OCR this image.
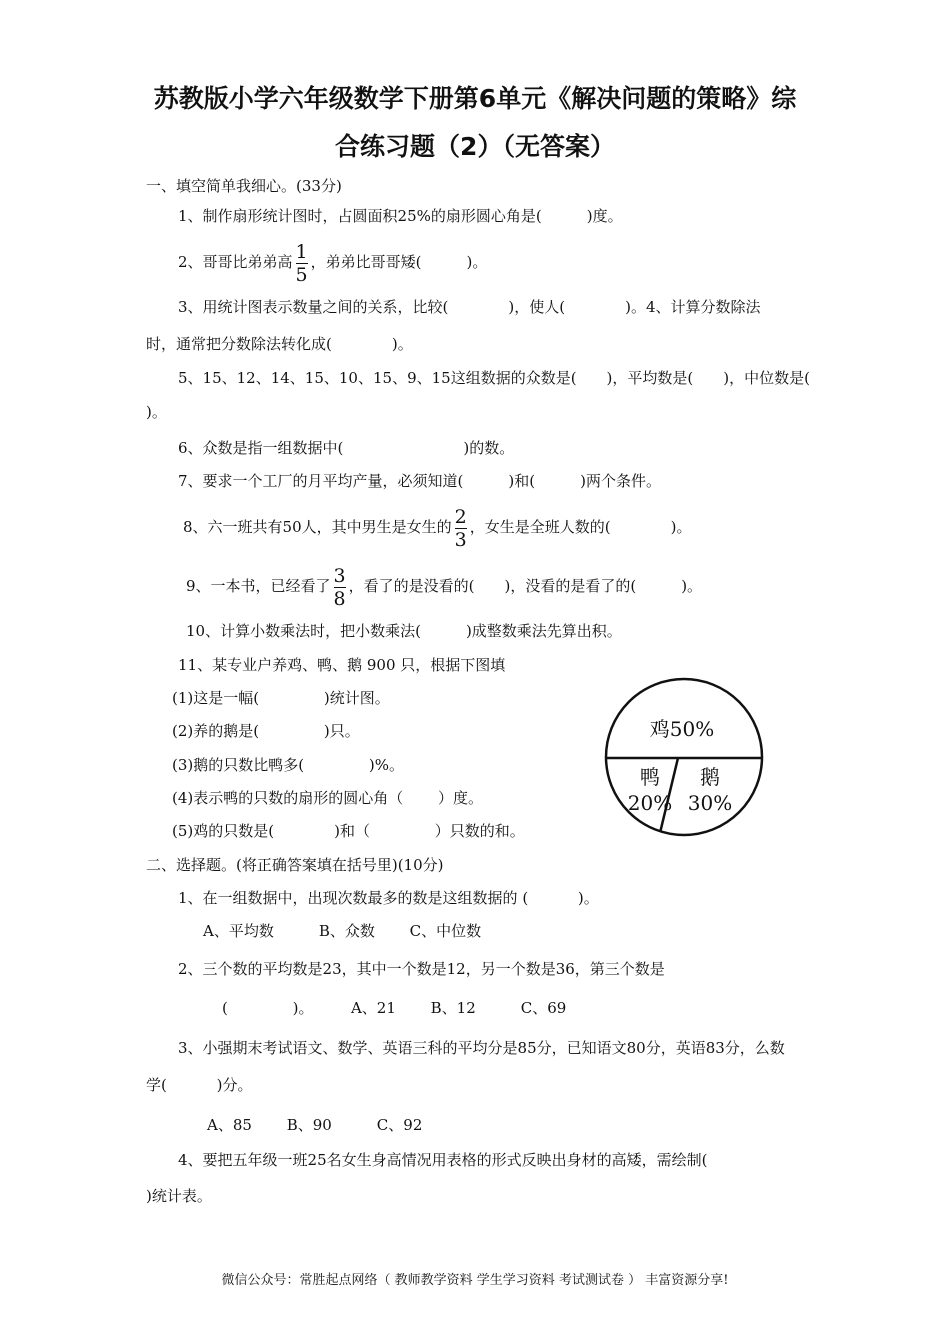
苏教版小学六年级数学下册第6单元《解决问题的策略》综
合练习题（2）（无答案）
一、填空简单我细心。(33分)
1、制作扇形统计图时，占圆面积25%的扇形圆心角是(　　　)度。
2、哥哥比弟弟高 $\frac{1}{5}$ ，弟弟比哥哥矮(　　　)。
3、用统计图表示数量之间的关系，比较(　　　　)，使人(　　　　)。4、计算分数除法
时，通常把分数除法转化成(　　　　)。
5、15、12、14、15、10、15、9、15这组数据的众数是(　　)，平均数是(　　)，中位数是(
)。
6、众数是指一组数据中(　　　　　　　　)的数。
7、要求一个工厂的月平均产量，必须知道(　　　)和(　　　)两个条件。
8、六一班共有50人，其中男生是女生的 $\frac{2}{3}$ ，女生是全班人数的(　　　　)。
9、一本书，已经看了 $\frac{3}{8}$ ，看了的是没看的(　　)，没看的是看了的(　　　)。
10、计算小数乘法时，把小数乘法(　　　)成整数乘法先算出积。
11、某专业户养鸡、鸭、鹅 900 只，根据下图填
(1)这是一幅(　　　　 )统计图。
(2)养的鹅是(　　　　 )只。
(3)鹅的只数比鸭多(　　　　 )%。
(4)表示鸭的只数的扇形的圆心角（　　 ）度。
(5)鸡的只数是(　　　　)和（　　　　 ）只数的和。
鸡50%
鸭
20%
鹅
30%
二、选择题。(将正确答案填在括号里)(10分)
1、在一组数据中，出现次数最多的数是这组数据的 (　　　 )。
A、平均数　　　B、众数　　 C、中位数
2、三个数的平均数是23，其中一个数是12，另一个数是36，第三个数是
(　　　　 )。　　　A、21　　 B、12　　　C、69
3、小强期末考试语文、数学、英语三科的平均分是85分，已知语文80分，英语83分，么数
学(　　　 )分。
A、85　　 B、90　　　C、92
4、要把五年级一班25名女生身高情况用表格的形式反映出身材的高矮，需绘制(
)统计表。
微信公众号：常胜起点网络（ 教师教学资料 学生学习资料 考试测试卷 ） 丰富资源分享!
